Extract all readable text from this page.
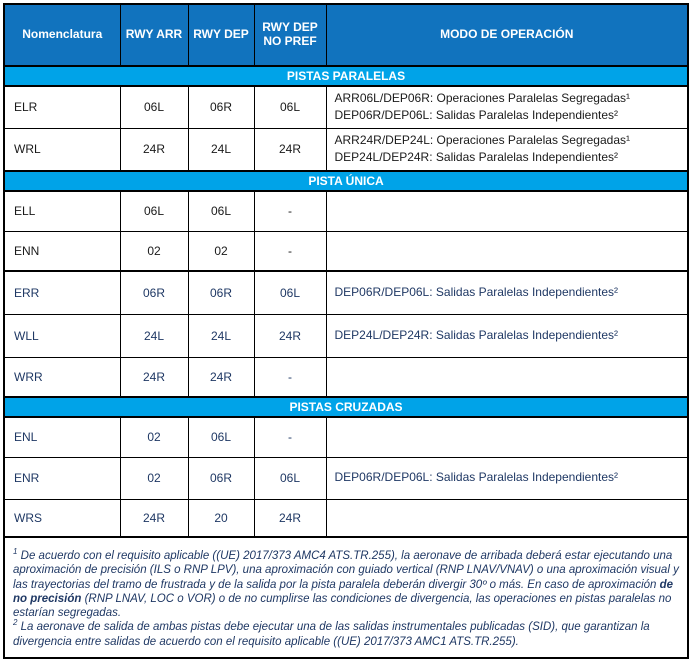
Nomenclatura	RWY ARR	RWY DEP	RWY DEP NO PREF	MODO DE OPERACIÓN
PISTAS PARALELAS				
ELR	06L	06R	06L	ARR06L/DEP06R: Operaciones Paralelas Segregadas¹
DEP06R/DEP06L: Salidas Paralelas Independientes²

WRL	24R	24L	24R	ARR24R/DEP24L: Operaciones Paralelas Segregadas¹
DEP24L/DEP24R: Salidas Paralelas Independientes²

PISTA ÚNICA				
ELL	06L	06L	-	
ENN	02	02	-	
ERR	06R	06R	06L	DEP06R/DEP06L: Salidas Paralelas Independientes²

WLL	24L	24L	24R	DEP24L/DEP24R: Salidas Paralelas Independientes²

WRR	24R	24R	-	
PISTAS CRUZADAS				
ENL	02	06L	-	
ENR	02	06R	06L	DEP06R/DEP06L: Salidas Paralelas Independientes²

WRS	24R	20	24R	

$^1$ De acuerdo con el requisito aplicable ((UE) 2017/373 AMC4 ATS.TR.255), la aeronave de arribada deberá estar ejecutando una aproximación de precisión (ILS o RNP LPV), una aproximación con guiado vertical (RNP LNAV/VNAV) o una aproximación visual y las trayectorias del tramo de frustrada y de la salida por la pista paralela deberán divergir 30º o más. En caso de aproximación de no precisión (RNP LNAV, LOC o VOR) o de no cumplirse las condiciones de divergencia, las operaciones en pistas paralelas no estarían segregadas.
$^2$ La aeronave de salida de ambas pistas debe ejecutar una de las salidas instrumentales publicadas (SID), que garantizan la divergencia entre salidas de acuerdo con el requisito aplicable ((UE) 2017/373 AMC1 ATS.TR.255).				
